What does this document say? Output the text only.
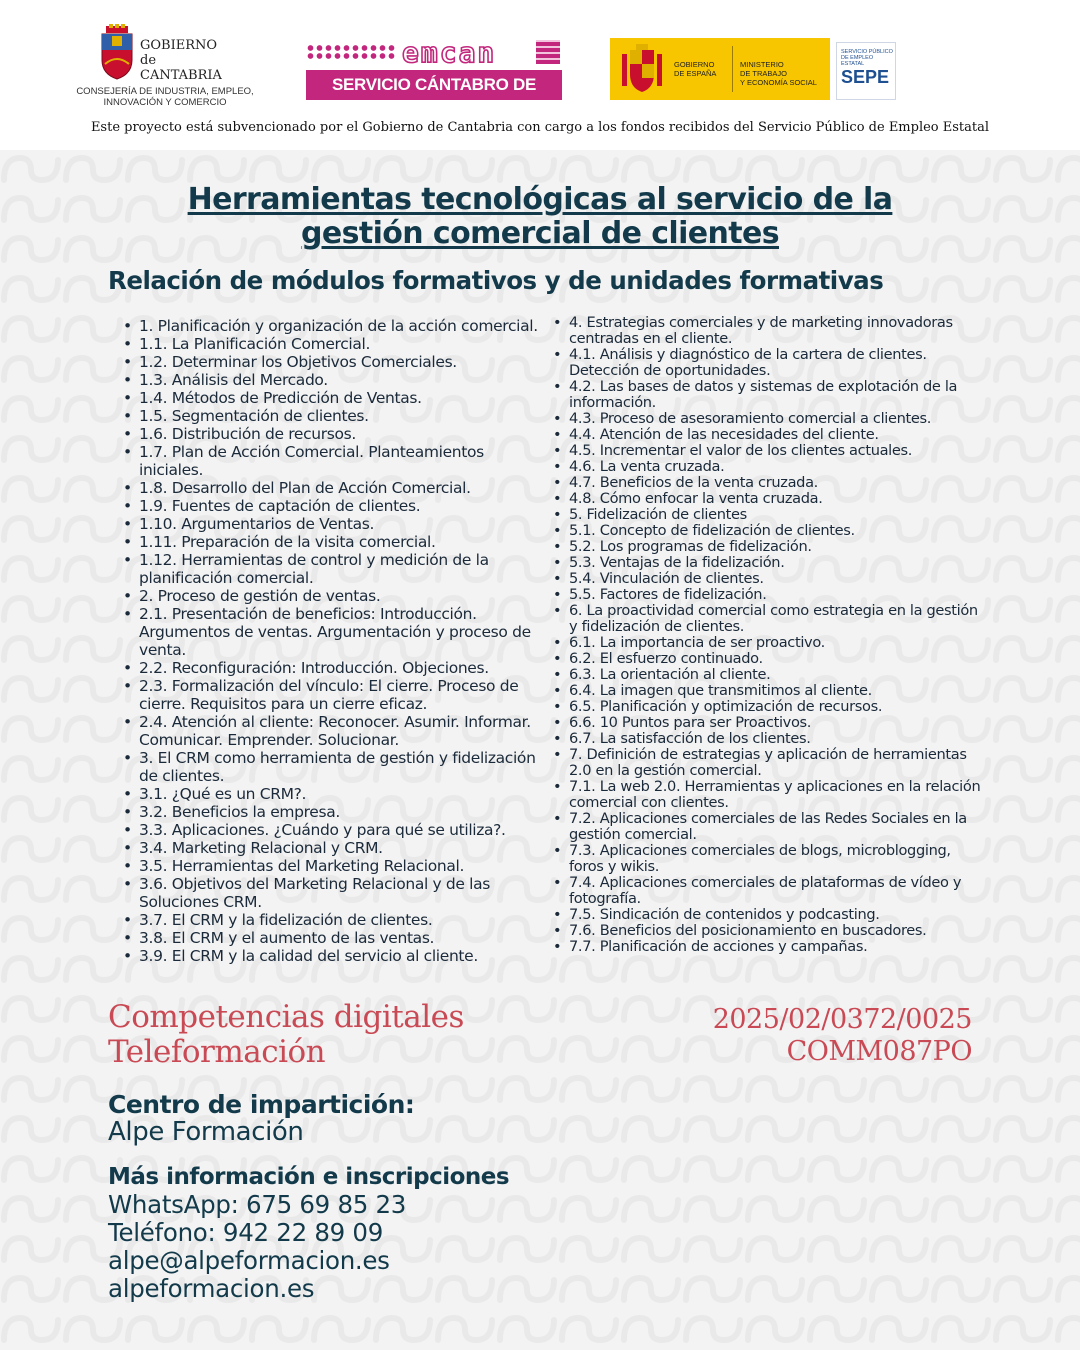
GOBIERNO
de
CANTABRIA
CONSEJERÍA DE INDUSTRIA, EMPLEO,
INNOVACIÓN Y COMERCIO
emcan
SERVICIO CÁNTABRO DE EMPLEO
GOBIERNO
DE ESPAÑA
MINISTERIO
DE TRABAJO
Y ECONOMÍA SOCIAL
SERVICIO PÚBLICO
DE EMPLEO ESTATAL
SEPE
Este proyecto está subvencionado por el Gobierno de Cantabria con cargo a los fondos recibidos del Servicio Público de Empleo Estatal
Herramientas tecnológicas al servicio de la
gestión comercial de clientes
Relación de módulos formativos y de unidades formativas
• 1. Planificación y organización de la acción comercial.
• 1.1. La Planificación Comercial.
• 1.2. Determinar los Objetivos Comerciales.
• 1.3. Análisis del Mercado.
• 1.4. Métodos de Predicción de Ventas.
• 1.5. Segmentación de clientes.
• 1.6. Distribución de recursos.
• 1.7. Plan de Acción Comercial. Planteamientos iniciales.
• 1.8. Desarrollo del Plan de Acción Comercial.
• 1.9. Fuentes de captación de clientes.
• 1.10. Argumentarios de Ventas.
• 1.11. Preparación de la visita comercial.
• 1.12. Herramientas de control y medición de la planificación comercial.
• 2. Proceso de gestión de ventas.
• 2.1. Presentación de beneficios: Introducción. Argumentos de ventas. Argumentación y proceso de venta.
• 2.2. Reconfiguración: Introducción. Objeciones.
• 2.3. Formalización del vínculo: El cierre. Proceso de cierre. Requisitos para un cierre eficaz.
• 2.4. Atención al cliente: Reconocer. Asumir. Informar. Comunicar. Emprender. Solucionar.
• 3. El CRM como herramienta de gestión y fidelización de clientes.
• 3.1. ¿Qué es un CRM?.
• 3.2. Beneficios la empresa.
• 3.3. Aplicaciones. ¿Cuándo y para qué se utiliza?.
• 3.4. Marketing Relacional y CRM.
• 3.5. Herramientas del Marketing Relacional.
• 3.6. Objetivos del Marketing Relacional y de las Soluciones CRM.
• 3.7. El CRM y la fidelización de clientes.
• 3.8. El CRM y el aumento de las ventas.
• 3.9. El CRM y la calidad del servicio al cliente.
• 4. Estrategias comerciales y de marketing innovadoras centradas en el cliente.
• 4.1. Análisis y diagnóstico de la cartera de clientes. Detección de oportunidades.
• 4.2. Las bases de datos y sistemas de explotación de la información.
• 4.3. Proceso de asesoramiento comercial a clientes.
• 4.4. Atención de las necesidades del cliente.
• 4.5. Incrementar el valor de los clientes actuales.
• 4.6. La venta cruzada.
• 4.7. Beneficios de la venta cruzada.
• 4.8. Cómo enfocar la venta cruzada.
• 5. Fidelización de clientes
• 5.1. Concepto de fidelización de clientes.
• 5.2. Los programas de fidelización.
• 5.3. Ventajas de la fidelización.
• 5.4. Vinculación de clientes.
• 5.5. Factores de fidelización.
• 6. La proactividad comercial como estrategia en la gestión y fidelización de clientes.
• 6.1. La importancia de ser proactivo.
• 6.2. El esfuerzo continuado.
• 6.3. La orientación al cliente.
• 6.4. La imagen que transmitimos al cliente.
• 6.5. Planificación y optimización de recursos.
• 6.6. 10 Puntos para ser Proactivos.
• 6.7. La satisfacción de los clientes.
• 7. Definición de estrategias y aplicación de herramientas 2.0 en la gestión comercial.
• 7.1. La web 2.0. Herramientas y aplicaciones en la relación comercial con clientes.
• 7.2. Aplicaciones comerciales de las Redes Sociales en la gestión comercial.
• 7.3. Aplicaciones comerciales de blogs, microblogging, foros y wikis.
• 7.4. Aplicaciones comerciales de plataformas de vídeo y fotografía.
• 7.5. Sindicación de contenidos y podcasting.
• 7.6. Beneficios del posicionamiento en buscadores.
• 7.7. Planificación de acciones y campañas.
Competencias digitales
Teleformación
2025/02/0372/0025
COMM087PO
Centro de impartición:
Alpe Formación
Más información e inscripciones
WhatsApp: 675 69 85 23
Teléfono: 942 22 89 09
alpe@alpeformacion.es
alpeformacion.es
